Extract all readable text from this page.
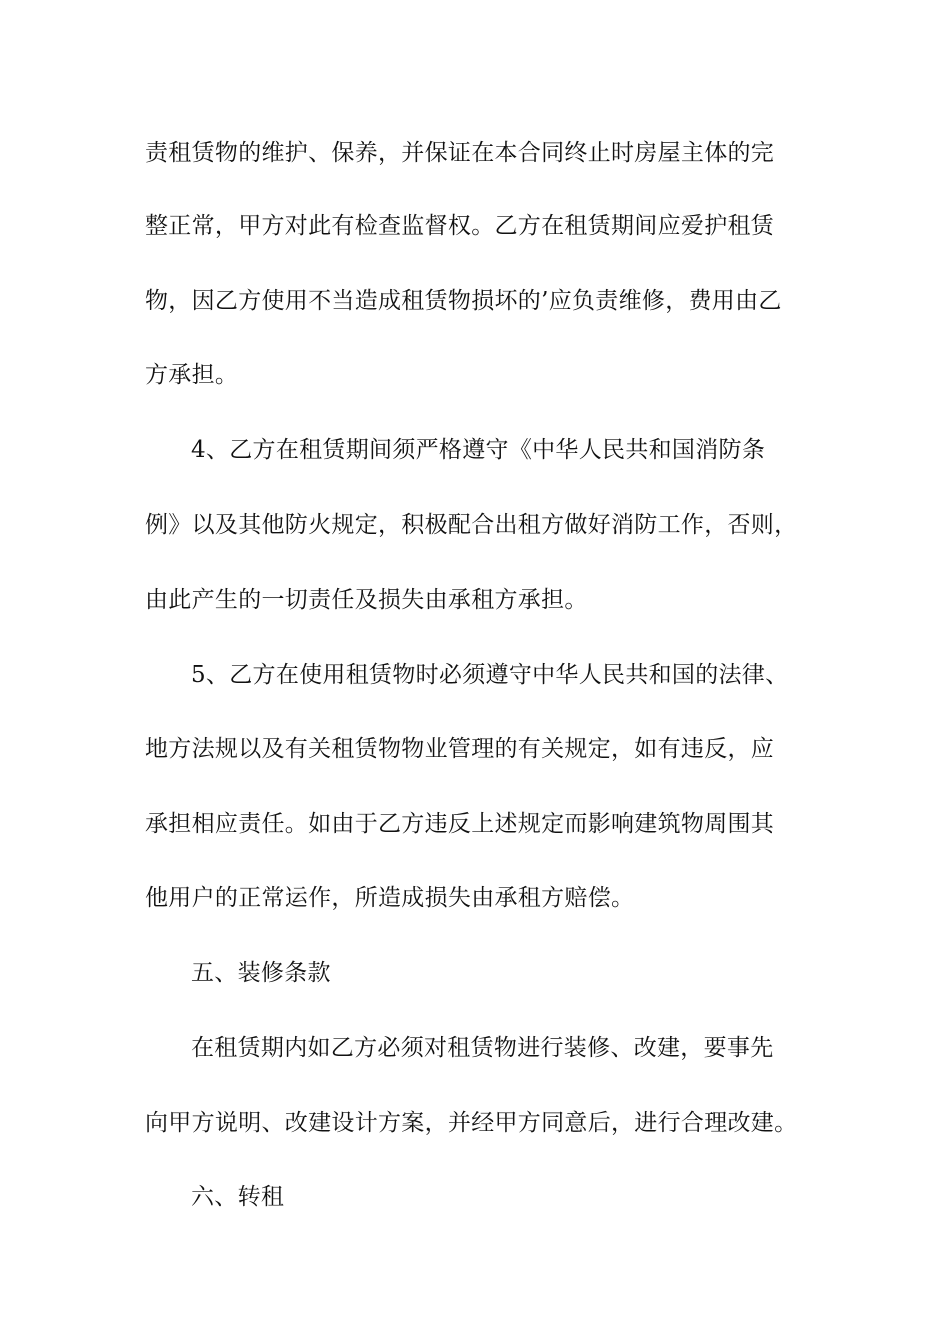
责租赁物的维护、保养，并保证在本合同终止时房屋主体的完
整正常，甲方对此有检查监督权。乙方在租赁期间应爱护租赁
物，因乙方使用不当造成租赁物损坏的’应负责维修，费用由乙
方承担。
4、乙方在租赁期间须严格遵守《中华人民共和国消防条
例》以及其他防火规定，积极配合出租方做好消防工作，否则，
由此产生的一切责任及损失由承租方承担。
5、乙方在使用租赁物时必须遵守中华人民共和国的法律、
地方法规以及有关租赁物物业管理的有关规定，如有违反，应
承担相应责任。如由于乙方违反上述规定而影响建筑物周围其
他用户的正常运作，所造成损失由承租方赔偿。
五、装修条款
在租赁期内如乙方必须对租赁物进行装修、改建，要事先
向甲方说明、改建设计方案，并经甲方同意后，进行合理改建。
六、转租
